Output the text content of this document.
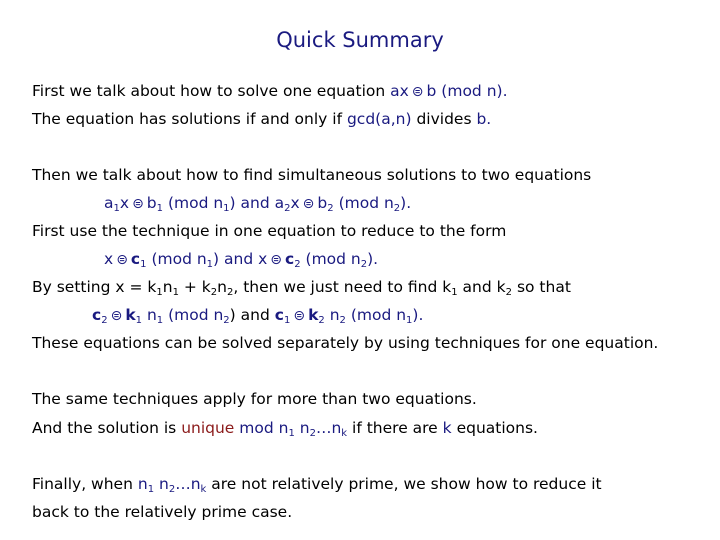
Quick Summary
First we talk about how to solve one equation ax ⊜ b (mod n).
The equation has solutions if and only if gcd(a,n) divides b.
Then we talk about how to find simultaneous solutions to two equations
$a_1x$ ⊜ $b_1$ (mod $n_1$) and $a_2x$ ⊜ $b_2$ (mod $n_2$).
First use the technique in one equation to reduce to the form
x ⊜ $c_1$ (mod $n_1$) and x ⊜ $c_2$ (mod $n_2$).
By setting $x = k_1n_1 + k_2n_2$, then we just need to find $k_1$ and $k_2$ so that
$c_2$ ⊜ $k_1$ $n_1$ (mod $n_2$) and $c_1$ ⊜ $k_2$ $n_2$ (mod $n_1$).
These equations can be solved separately by using techniques for one equation.
The same techniques apply for more than two equations.
And the solution is unique mod $n_1$ $n_2\dots n_k$ if there are k equations.
Finally, when $n_1$ $n_2\dots n_k$ are not relatively prime, we show how to reduce it
back to the relatively prime case.
